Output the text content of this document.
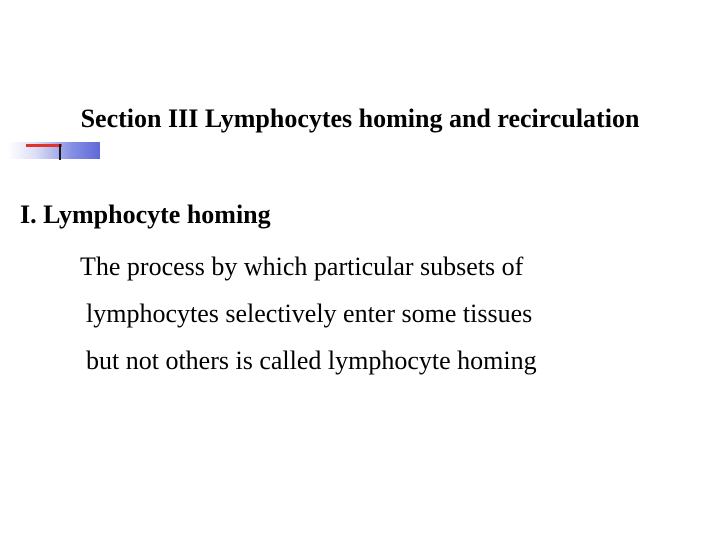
Section III Lymphocytes homing and recirculation
I. Lymphocyte homing
The process by which particular subsets of
lymphocytes selectively enter some tissues
but not others is called lymphocyte homing
